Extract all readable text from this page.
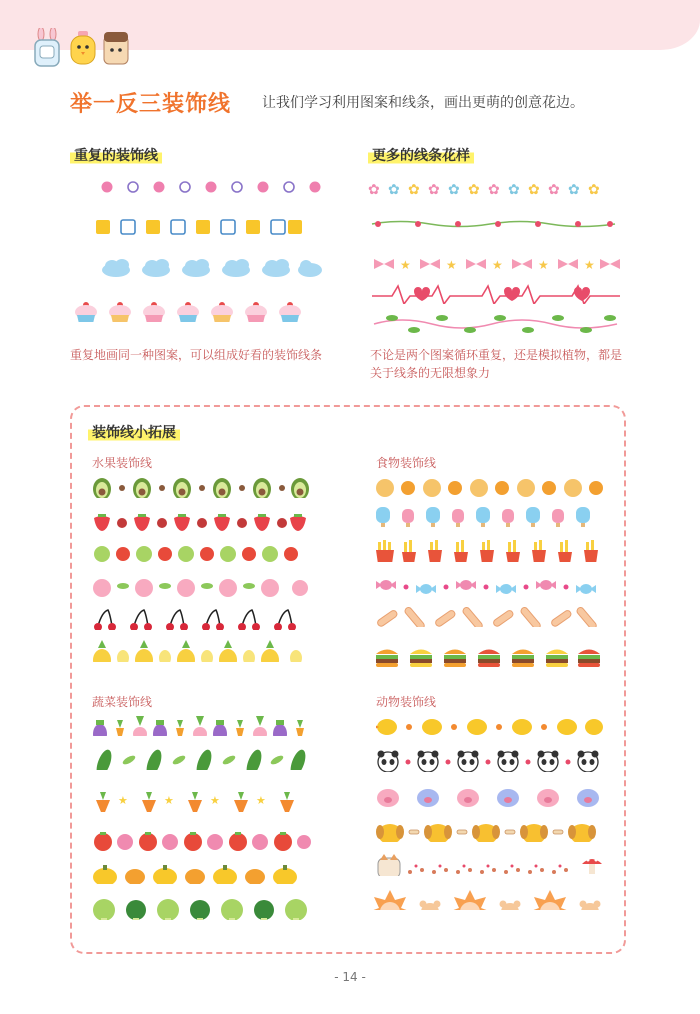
举一反三装饰线 让我们学习利用图案和线条，画出更萌的创意花边。
重复的装饰线
重复地画同一种图案，可以组成好看的装饰线条
更多的线条花样
✿ ✿ ✿ ✿ ✿ ✿ ✿ ✿ ✿ ✿ ✿ ✿
★	★	★	★	★
不论是两个图案循环重复，还是模拟植物，都是关于线条的无限想象力
装饰线小拓展
水果装饰线	食物装饰线
蔬菜装饰线	动物装饰线
★	★	★	★
- 14 -
